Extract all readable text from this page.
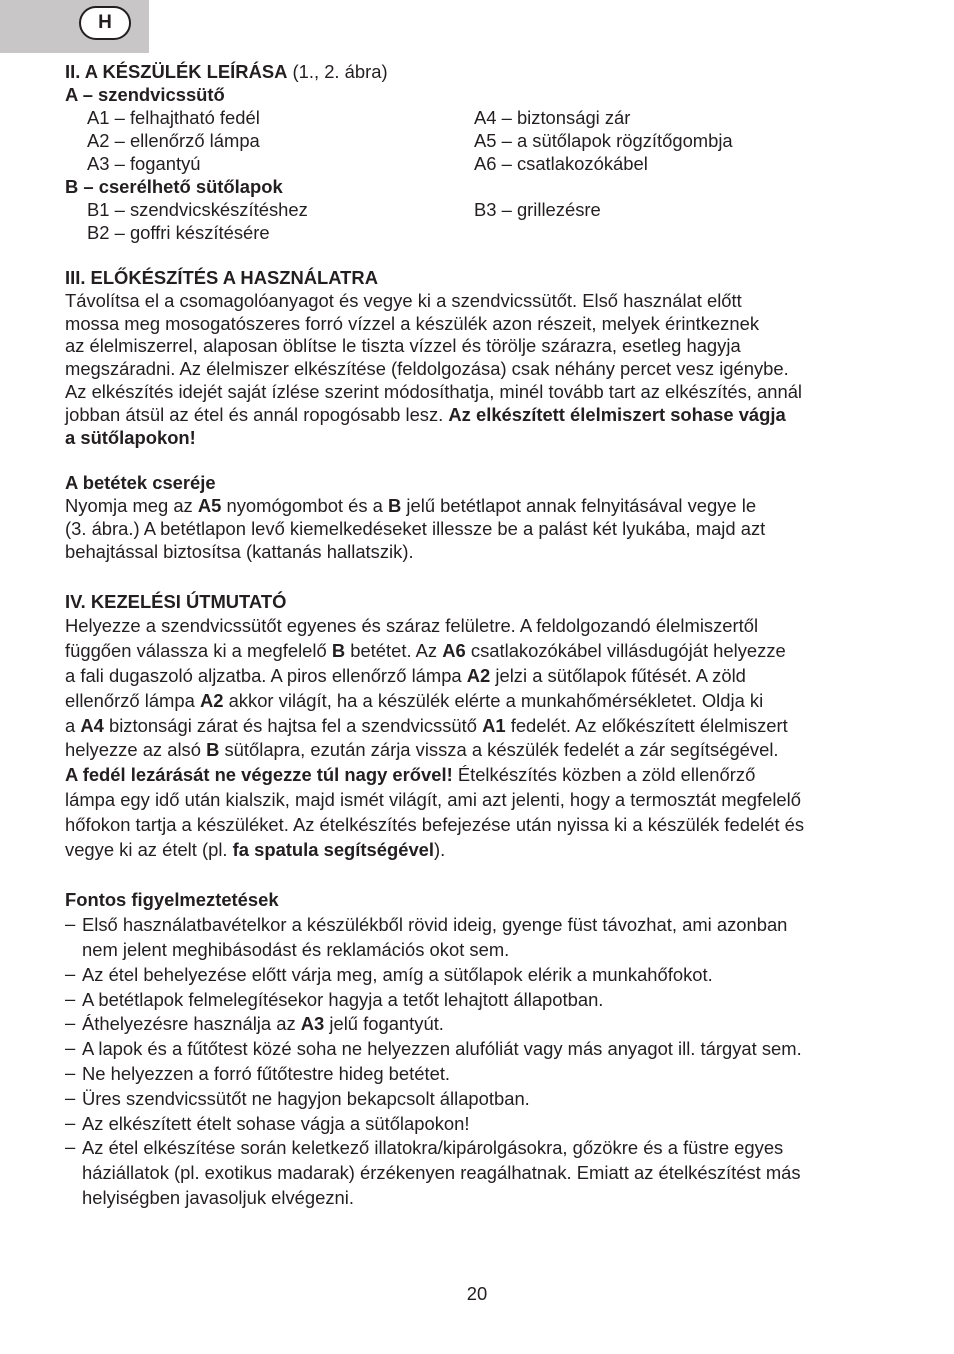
H
II. A KÉSZÜLÉK LEÍRÁSA (1., 2. ábra)
A – szendvicssütő
A1 – felhajtható fedél	A4 – biztonsági zár
A2 – ellenőrző lámpa	A5 – a sütőlapok rögzítőgombja
A3 – fogantyú	A6 – csatlakozókábel
B – cserélhető sütőlapok
B1 – szendvicskészítéshez	B3 – grillezésre
B2 – goffri készítésére
III. ELŐKÉSZÍTÉS A HASZNÁLATRA
Távolítsa el a csomagolóanyagot és vegye ki a szendvicssütőt. Első használat előtt
mossa meg mosogatószeres forró vízzel a készülék azon részeit, melyek érintkeznek
az élelmiszerrel, alaposan öblítse le tiszta vízzel és törölje szárazra, esetleg hagyja
megszáradni. Az élelmiszer elkészítése (feldolgozása) csak néhány percet vesz igénybe.
Az elkészítés idejét saját ízlése szerint módosíthatja, minél tovább tart az elkészítés, annál
jobban átsül az étel és annál ropogósabb lesz. Az elkészített élelmiszert sohase vágja
a sütőlapokon!
A betétek cseréje
Nyomja meg az A5 nyomógombot és a B jelű betétlapot annak felnyitásával vegye le
(3. ábra.) A betétlapon levő kiemelkedéseket illessze be a palást két lyukába, majd azt
behajtással biztosítsa (kattanás hallatszik).
IV. KEZELÉSI ÚTMUTATÓ
Helyezze a szendvicssütőt egyenes és száraz felületre. A feldolgozandó élelmiszertől
függően válassza ki a megfelelő B betétet. Az A6 csatlakozókábel villásdugóját helyezze
a fali dugaszoló aljzatba. A piros ellenőrző lámpa A2 jelzi a sütőlapok fűtését. A zöld
ellenőrző lámpa A2 akkor világít, ha a készülék elérte a munkahőmérsékletet. Oldja ki
a A4 biztonsági zárat és hajtsa fel a szendvicssütő A1 fedelét. Az előkészített élelmiszert
helyezze az alsó B sütőlapra, ezután zárja vissza a készülék fedelét a zár segítségével.
A fedél lezárását ne végezze túl nagy erővel! Ételkészítés közben a zöld ellenőrző
lámpa egy idő után kialszik, majd ismét világít, ami azt jelenti, hogy a termosztát megfelelő
hőfokon tartja a készüléket. Az ételkészítés befejezése után nyissa ki a készülék fedelét és
vegye ki az ételt (pl. fa spatula segítségével).
Fontos figyelmeztetések
– Első használatbavételkor a készülékből rövid ideig, gyenge füst távozhat, ami azonban
nem jelent meghibásodást és reklamációs okot sem.
– Az étel behelyezése előtt várja meg, amíg a sütőlapok elérik a munkahőfokot.
– A betétlapok felmelegítésekor hagyja a tetőt lehajtott állapotban.
– Áthelyezésre használja az A3 jelű fogantyút.
– A lapok és a fűtőtest közé soha ne helyezzen alufóliát vagy más anyagot ill. tárgyat sem.
– Ne helyezzen a forró fűtőtestre hideg betétet.
– Üres szendvicssütőt ne hagyjon bekapcsolt állapotban.
– Az elkészített ételt sohase vágja a sütőlapokon!
– Az étel elkészítése során keletkező illatokra/kipárolgásokra, gőzökre és a füstre egyes
háziállatok (pl. exotikus madarak) érzékenyen reagálhatnak. Emiatt az ételkészítést más
helyiségben javasoljuk elvégezni.
20
